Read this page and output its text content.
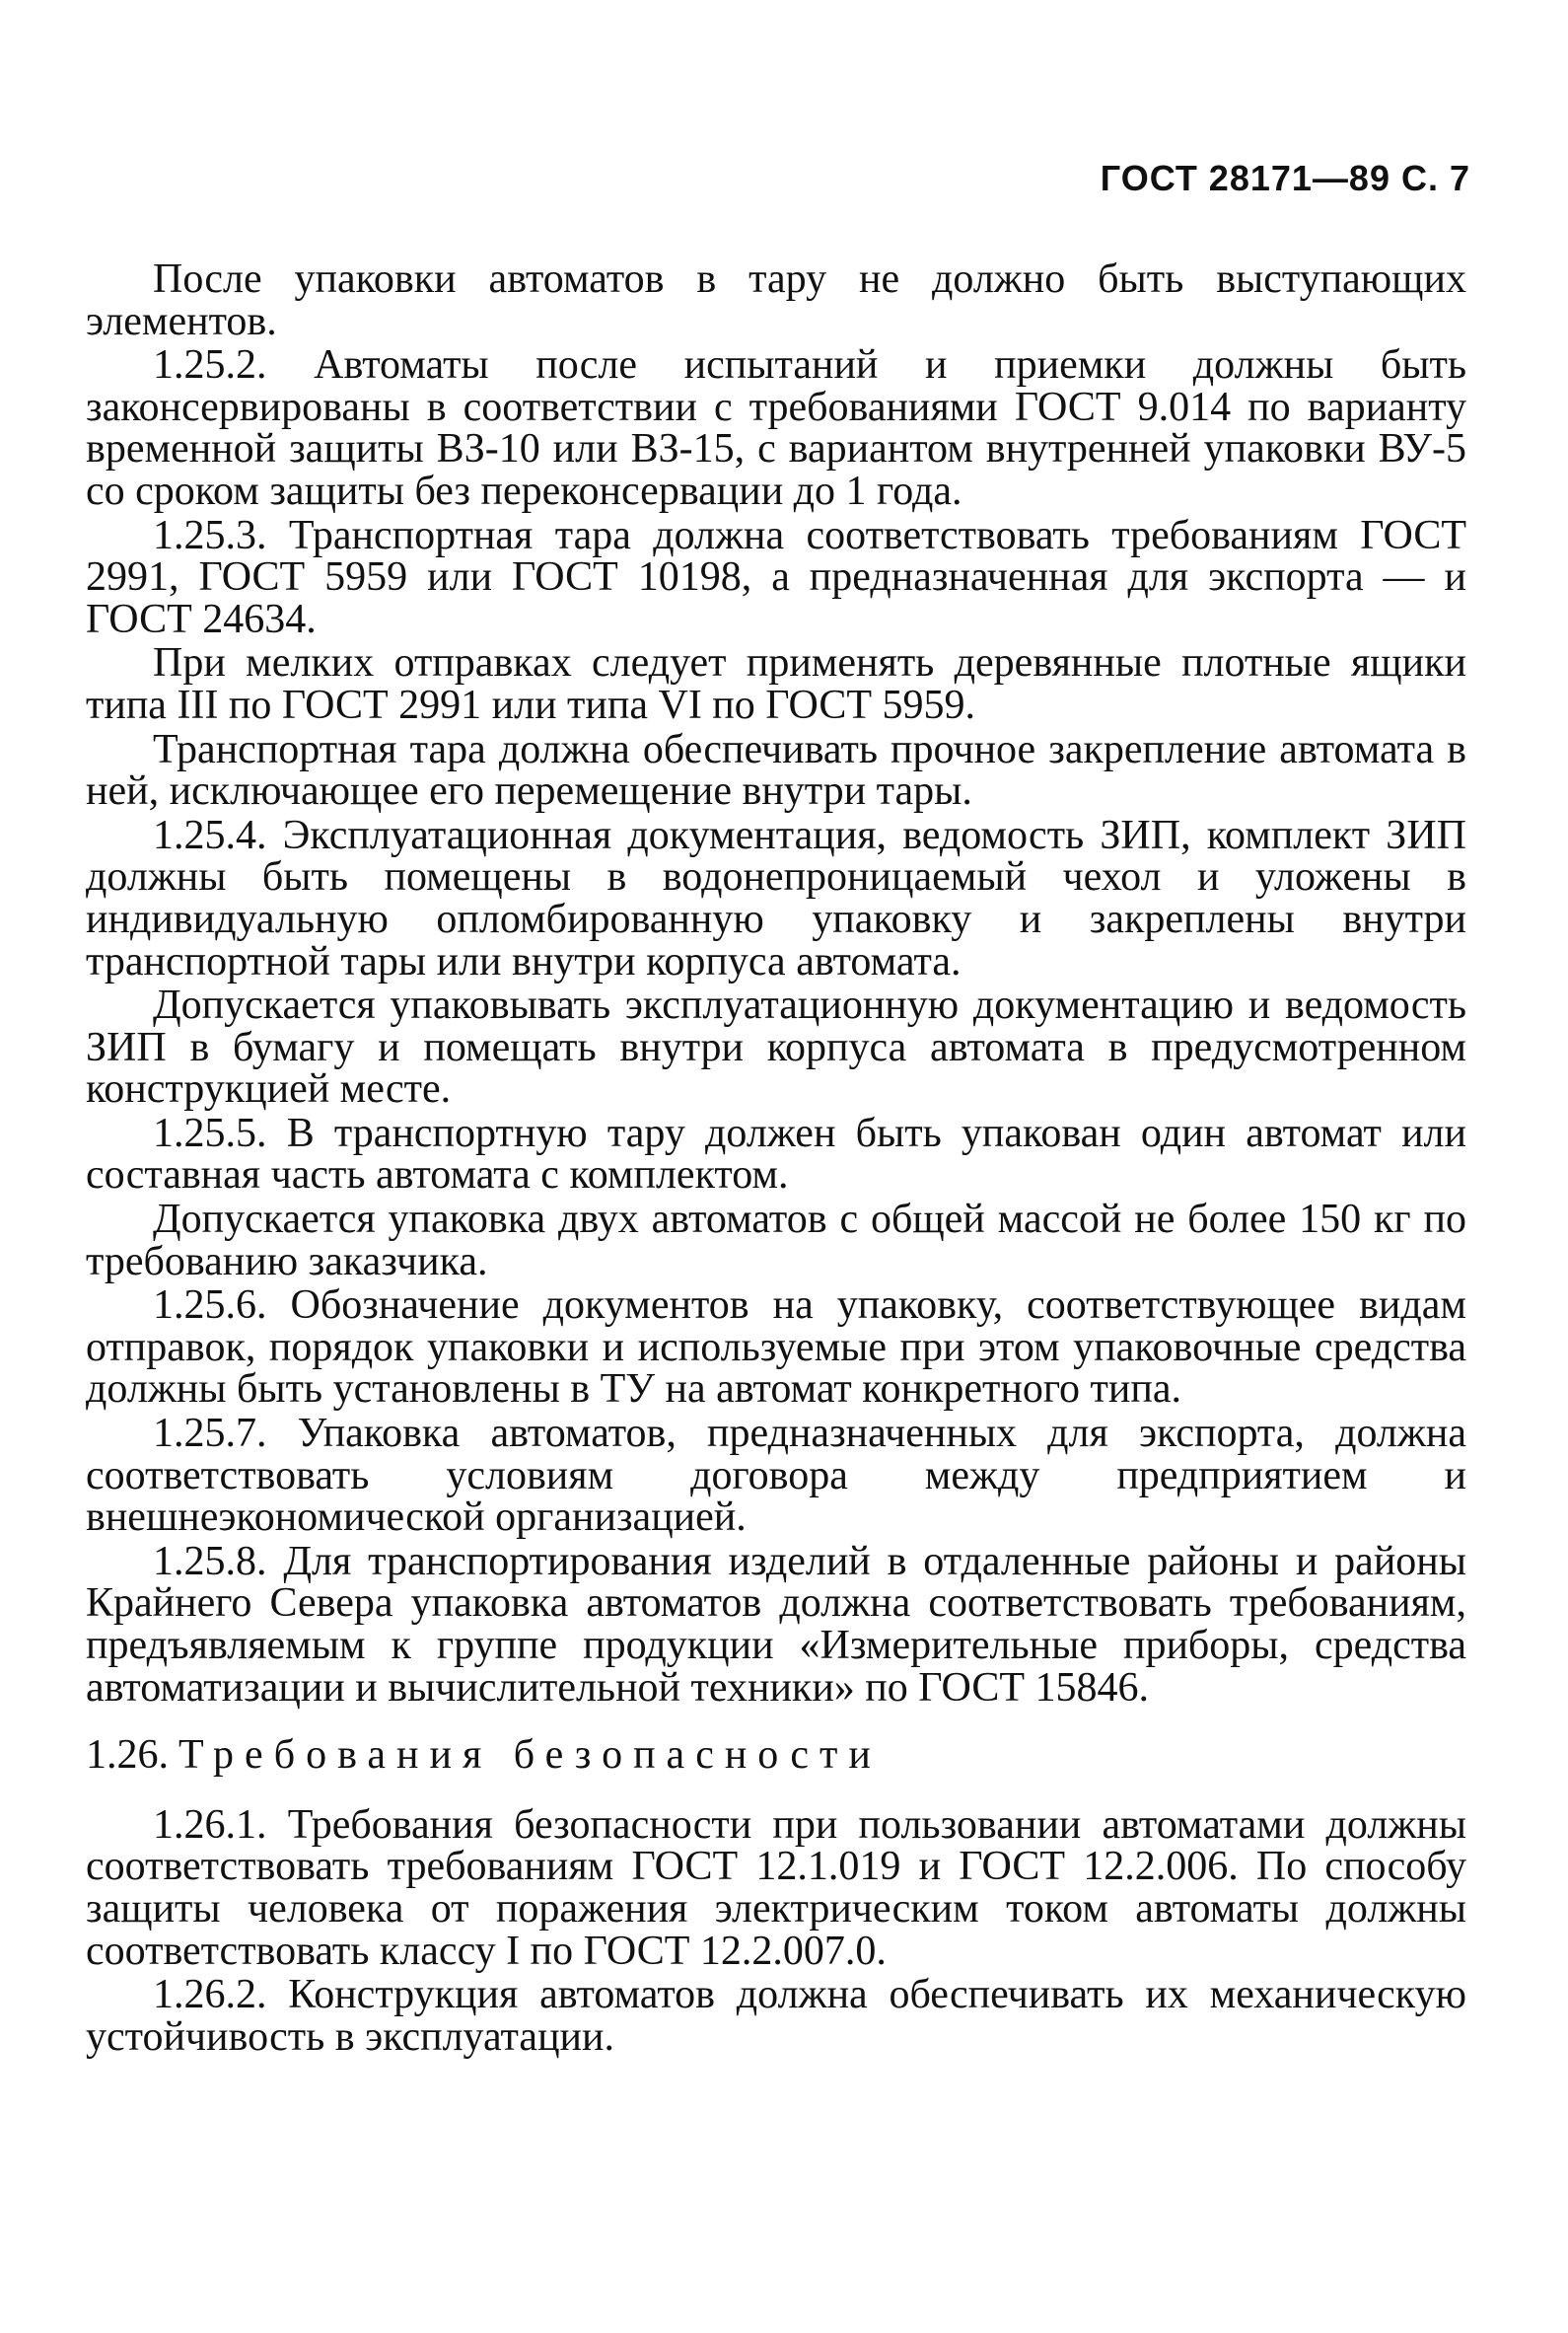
ГОСТ 28171—89 С. 7

После упаковки автоматов в тару не должно быть выступающих элементов.

1.25.2. Автоматы после испытаний и приемки должны быть законсервированы в соответствии с требованиями ГОСТ 9.014 по варианту временной защиты ВЗ-10 или ВЗ-15, с вариантом внутренней упаковки ВУ-5 со сроком защиты без переконсервации до 1 года.

1.25.3. Транспортная тара должна соответствовать требованиям ГОСТ 2991, ГОСТ 5959 или ГОСТ 10198, а предназначенная для экспорта — и ГОСТ 24634.

При мелких отправках следует применять деревянные плотные ящики типа III по ГОСТ 2991 или типа VI по ГОСТ 5959.

Транспортная тара должна обеспечивать прочное закрепление автомата в ней, исключающее его перемещение внутри тары.

1.25.4. Эксплуатационная документация, ведомость ЗИП, комплект ЗИП должны быть помещены в водонепроницаемый чехол и уложены в индивидуальную опломбированную упаковку и закреплены внутри транспортной тары или внутри корпуса автомата.

Допускается упаковывать эксплуатационную документацию и ведомость ЗИП в бумагу и помещать внутри корпуса автомата в предусмотренном конструкцией месте.

1.25.5. В транспортную тару должен быть упакован один автомат или составная часть автомата с комплектом.

Допускается упаковка двух автоматов с общей массой не более 150 кг по требованию заказчика.

1.25.6. Обозначение документов на упаковку, соответствующее видам отправок, порядок упаковки и используемые при этом упаковочные средства должны быть установлены в ТУ на автомат конкретного типа.

1.25.7. Упаковка автоматов, предназначенных для экспорта, должна соответствовать условиям договора между предприятием и внешнеэкономической организацией.

1.25.8. Для транспортирования изделий в отдаленные районы и районы Крайнего Севера упаковка автоматов должна соответствовать требованиям, предъявляемым к группе продукции «Измерительные приборы, средства автоматизации и вычислительной техники» по ГОСТ 15846.

1.26. Требования безопасности

1.26.1. Требования безопасности при пользовании автоматами должны соответствовать требованиям ГОСТ 12.1.019 и ГОСТ 12.2.006. По способу защиты человека от поражения электрическим током автоматы должны соответствовать классу I по ГОСТ 12.2.007.0.

1.26.2. Конструкция автоматов должна обеспечивать их механическую устойчивость в эксплуатации.
